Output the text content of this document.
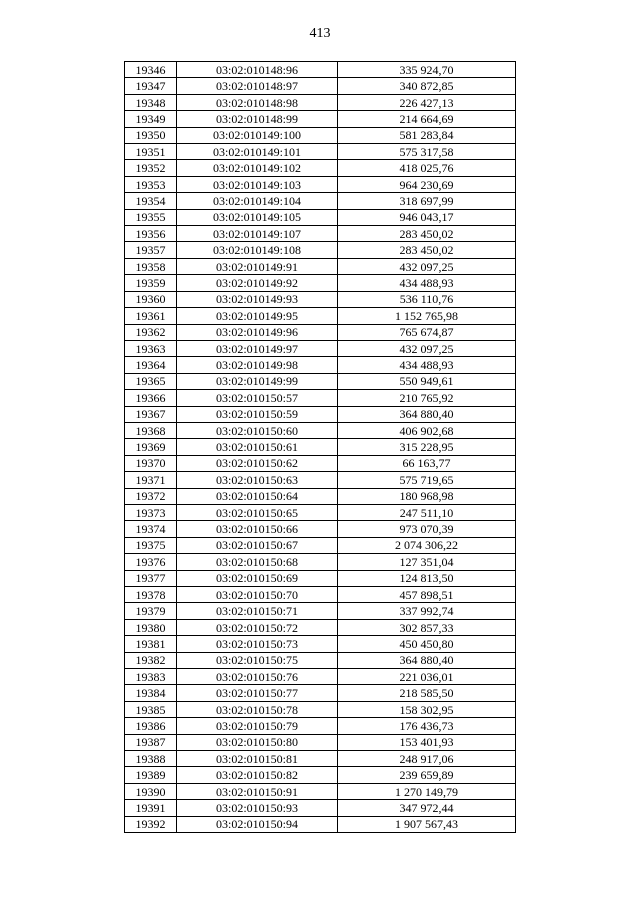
413
19346	03:02:010148:96	335 924,70
19347	03:02:010148:97	340 872,85
19348	03:02:010148:98	226 427,13
19349	03:02:010148:99	214 664,69
19350	03:02:010149:100	581 283,84
19351	03:02:010149:101	575 317,58
19352	03:02:010149:102	418 025,76
19353	03:02:010149:103	964 230,69
19354	03:02:010149:104	318 697,99
19355	03:02:010149:105	946 043,17
19356	03:02:010149:107	283 450,02
19357	03:02:010149:108	283 450,02
19358	03:02:010149:91	432 097,25
19359	03:02:010149:92	434 488,93
19360	03:02:010149:93	536 110,76
19361	03:02:010149:95	1 152 765,98
19362	03:02:010149:96	765 674,87
19363	03:02:010149:97	432 097,25
19364	03:02:010149:98	434 488,93
19365	03:02:010149:99	550 949,61
19366	03:02:010150:57	210 765,92
19367	03:02:010150:59	364 880,40
19368	03:02:010150:60	406 902,68
19369	03:02:010150:61	315 228,95
19370	03:02:010150:62	66 163,77
19371	03:02:010150:63	575 719,65
19372	03:02:010150:64	180 968,98
19373	03:02:010150:65	247 511,10
19374	03:02:010150:66	973 070,39
19375	03:02:010150:67	2 074 306,22
19376	03:02:010150:68	127 351,04
19377	03:02:010150:69	124 813,50
19378	03:02:010150:70	457 898,51
19379	03:02:010150:71	337 992,74
19380	03:02:010150:72	302 857,33
19381	03:02:010150:73	450 450,80
19382	03:02:010150:75	364 880,40
19383	03:02:010150:76	221 036,01
19384	03:02:010150:77	218 585,50
19385	03:02:010150:78	158 302,95
19386	03:02:010150:79	176 436,73
19387	03:02:010150:80	153 401,93
19388	03:02:010150:81	248 917,06
19389	03:02:010150:82	239 659,89
19390	03:02:010150:91	1 270 149,79
19391	03:02:010150:93	347 972,44
19392	03:02:010150:94	1 907 567,43
